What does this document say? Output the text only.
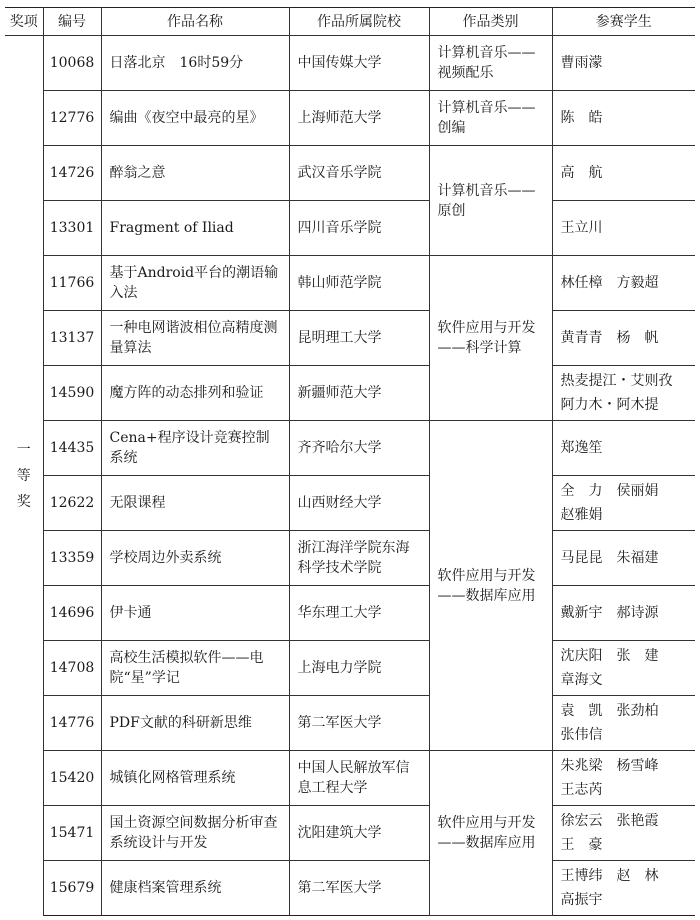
奖项	编号	作品名称	作品所属院校	作品类别	参赛学生
一等奖	10068	日落北京　16时59分	中国传媒大学	计算机音乐——视频配乐	曹雨濛

	12776	编曲《夜空中最亮的星》	上海师范大学	计算机音乐——创编	陈　皓

	14726	醉翁之意	武汉音乐学院	计算机音乐——原创	高　航

	13301	Fragment of Iliad	四川音乐学院		王立川

	11766	基于Android平台的潮语输入法	韩山师范学院	软件应用与开发——科学计算	林任樟　方毅超

	13137	一种电网谐波相位高精度测量算法	昆明理工大学		黄青青　杨　帆

	14590	魔方阵的动态排列和验证	新疆师范大学		热麦提江・艾则孜
阿力木・阿木提

	14435	Cena+程序设计竞赛控制系统	齐齐哈尔大学	软件应用与开发——数据库应用	郑逸笙

	12622	无限课程	山西财经大学		全　力　侯丽娟
赵雅娟

	13359	学校周边外卖系统	浙江海洋学院东海科学技术学院		马昆昆　朱福建

	14696	伊卡通	华东理工大学		戴新宇　郝诗源

	14708	高校生活模拟软件——电院“星”学记	上海电力学院		沈庆阳　张　建
章海文

	14776	PDF文献的科研新思维	第二军医大学		袁　凯　张劲柏
张伟信

	15420	城镇化网格管理系统	中国人民解放军信息工程大学	软件应用与开发——数据库应用	朱兆梁　杨雪峰
王志芮

	15471	国土资源空间数据分析审查系统设计与开发	沈阳建筑大学		徐宏云　张艳霞
王　豪

	15679	健康档案管理系统	第二军医大学		王博纬　赵　林
高振宇
